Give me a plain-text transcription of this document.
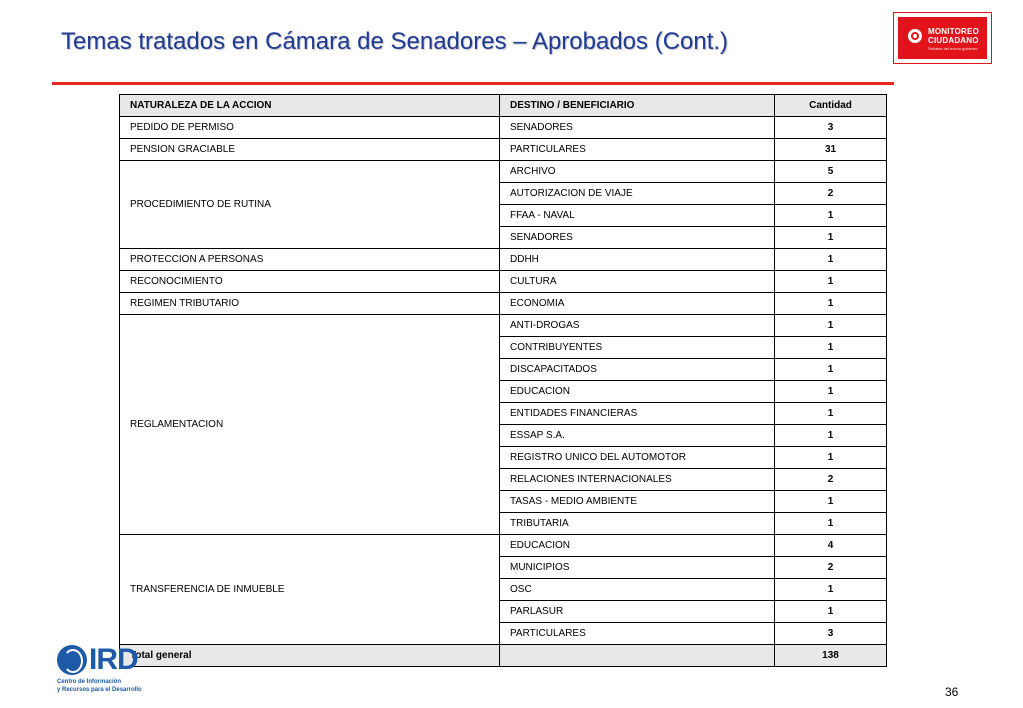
Temas tratados en Cámara de Senadores – Aprobados (Cont.)	MONITOREO
CIUDADANO
Señales del nuevo gobierno
NATURALEZA DE LA ACCION	DESTINO / BENEFICIARIO	Cantidad
PEDIDO DE PERMISO	SENADORES	3
PENSION GRACIABLE	PARTICULARES	31
PROCEDIMIENTO DE RUTINA	ARCHIVO	5
	AUTORIZACION DE VIAJE	2
	FFAA - NAVAL	1
	SENADORES	1
PROTECCION A PERSONAS	DDHH	1
RECONOCIMIENTO	CULTURA	1
REGIMEN TRIBUTARIO	ECONOMIA	1
REGLAMENTACION	ANTI-DROGAS	1
	CONTRIBUYENTES	1
	DISCAPACITADOS	1
	EDUCACION	1
	ENTIDADES FINANCIERAS	1
	ESSAP S.A.	1
	REGISTRO UNICO DEL AUTOMOTOR	1
	RELACIONES INTERNACIONALES	2
	TASAS - MEDIO AMBIENTE	1
	TRIBUTARIA	1
TRANSFERENCIA DE INMUEBLE	EDUCACION	4
	MUNICIPIOS	2
	OSC	1
	PARLASUR	1
	PARTICULARES	3
Total general		138
IRD
Centro de Información
y Recursos para el Desarrollo	36
